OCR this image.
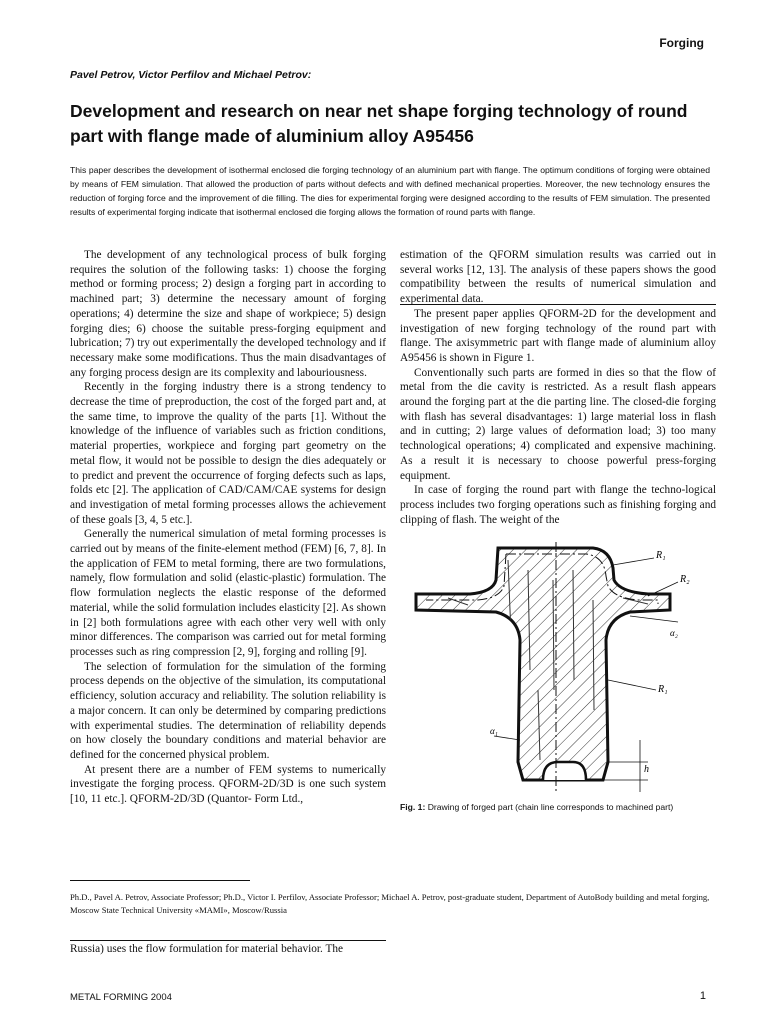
Forging
Pavel Petrov, Victor Perfilov and Michael Petrov:
Development and research on near net shape forging technology of round part with flange made of aluminium alloy A95456
This paper describes the development of isothermal enclosed die forging technology of an aluminium part with flange. The optimum conditions of forging were obtained by means of FEM simulation. That allowed the production of parts without defects and with defined mechanical properties. Moreover, the new technology ensures the reduction of forging force and the improvement of die filling. The dies for experimental forging were designed according to the results of FEM simulation. The presented results of experimental forging indicate that isothermal enclosed die forging allows the formation of round parts with flange.

The development of any technological process of bulk forging requires the solution of the following tasks: 1) choose the forging method or forming process; 2) design a forging part in according to machined part; 3) determine the necessary amount of forging operations; 4) determine the size and shape of workpiece; 5) design forging dies; 6) choose the suitable press-forging equipment and lubrication; 7) try out experimentally the developed technology and if necessary make some modifications. Thus the main disadvantages of any forging process design are its complexity and labouriousness.

Recently in the forging industry there is a strong tendency to decrease the time of preproduction, the cost of the forged part and, at the same time, to improve the quality of the parts [1]. Without the knowledge of the influence of variables such as friction conditions, material properties, workpiece and forging part geometry on the metal flow, it would not be possible to design the dies adequately or to predict and prevent the occurrence of forging defects such as laps, folds etc [2]. The application of CAD/CAM/CAE systems for design and investigation of metal forming processes allows the achievement of these goals [3, 4, 5 etc.].

Generally the numerical simulation of metal forming processes is carried out by means of the finite-element method (FEM) [6, 7, 8]. In the application of FEM to metal forming, there are two formulations, namely, flow formulation and solid (elastic-plastic) formulation. The flow formulation neglects the elastic response of the deformed material, while the solid formulation includes elasticity [2]. As shown in [2] both formulations agree with each other very well with only minor differences. The comparison was carried out for metal forming processes such as ring compression [2, 9], forging and rolling [9].

The selection of formulation for the simulation of the forming process depends on the objective of the simulation, its computational efficiency, solution accuracy and reliability. The solution reliability is a major concern. It can only be determined by comparing predictions with experimental studies. The determination of reliability depends on how closely the boundary conditions and material behavior are defined for the concerned physical problem.

At present there are a number of FEM systems to numerically investigate the forging process. QFORM-2D/3D is one such system [10, 11 etc.]. QFORM-2D/3D (Quantor- Form Ltd.,

estimation of the QFORM simulation results was carried out in several works [12, 13]. The analysis of these papers shows the good compatibility between the results of numerical simulation and experimental data.

The present paper applies QFORM-2D for the development and investigation of new forging technology of the round part with flange. The axisymmetric part with flange made of aluminium alloy A95456 is shown in Figure 1.

Conventionally such parts are formed in dies so that the flow of metal from the die cavity is restricted. As a result flash appears around the forging part at the die parting line. The closed-die forging with flash has several disadvantages: 1) large material loss in flash and in cutting; 2) large values of deformation load; 3) too many technological operations; 4) complicated and expensive machining. As a result it is necessary to choose powerful press-forging equipment.

In case of forging the round part with flange the techno-logical process includes two forging operations such as finishing forging and clipping of flash. The weight of the

R₁
R₂
α₂
R₁
α₁
h
Fig. 1: Drawing of forged part (chain line corresponds to machined part)
Ph.D., Pavel A. Petrov, Associate Professor; Ph.D., Victor I. Perfilov, Associate Professor; Michael A. Petrov, post-graduate student, Department of AutoBody building and metal forging, Moscow State Technical University «MAMI», Moscow/Russia
Russia) uses the flow formulation for material behavior. The
METAL FORMING 2004	1
